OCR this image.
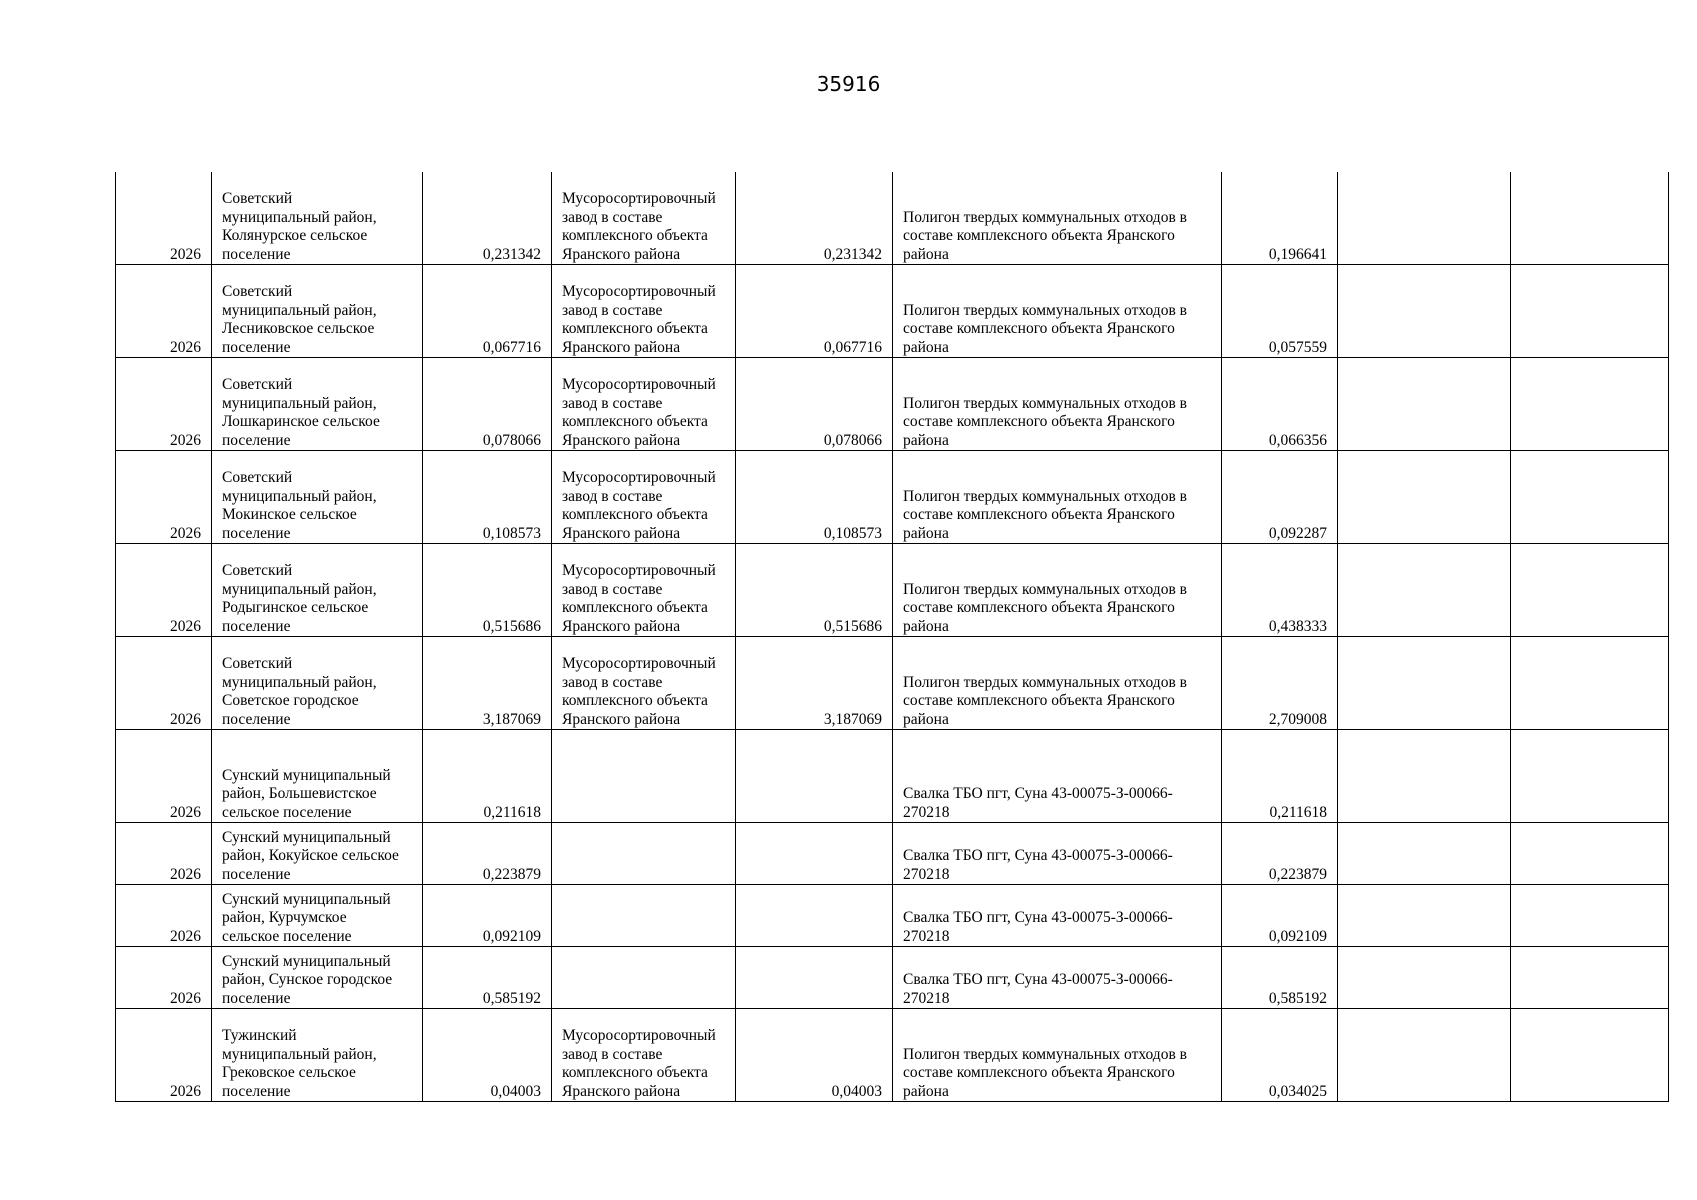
35916
2026	Советский
муниципальный район,
Колянурское сельское
поселение	0,231342	Мусоросортировочный
завод в составе
комплексного объекта
Яранского района	0,231342	Полигон твердых коммунальных отходов в
составе комплексного объекта Яранского
района	0,196641		
2026	Советский
муниципальный район,
Лесниковское сельское
поселение	0,067716	Мусоросортировочный
завод в составе
комплексного объекта
Яранского района	0,067716	Полигон твердых коммунальных отходов в
составе комплексного объекта Яранского
района	0,057559		
2026	Советский
муниципальный район,
Лошкаринское сельское
поселение	0,078066	Мусоросортировочный
завод в составе
комплексного объекта
Яранского района	0,078066	Полигон твердых коммунальных отходов в
составе комплексного объекта Яранского
района	0,066356		
2026	Советский
муниципальный район,
Мокинское сельское
поселение	0,108573	Мусоросортировочный
завод в составе
комплексного объекта
Яранского района	0,108573	Полигон твердых коммунальных отходов в
составе комплексного объекта Яранского
района	0,092287		
2026	Советский
муниципальный район,
Родыгинское сельское
поселение	0,515686	Мусоросортировочный
завод в составе
комплексного объекта
Яранского района	0,515686	Полигон твердых коммунальных отходов в
составе комплексного объекта Яранского
района	0,438333		
2026	Советский
муниципальный район,
Советское городское
поселение	3,187069	Мусоросортировочный
завод в составе
комплексного объекта
Яранского района	3,187069	Полигон твердых коммунальных отходов в
составе комплексного объекта Яранского
района	2,709008		
2026	Сунский муниципальный
район, Большевистское
сельское поселение	0,211618			Свалка ТБО пгт, Суна 43-00075-З-00066-
270218	0,211618		
2026	Сунский муниципальный
район, Кокуйское сельское
поселение	0,223879			Свалка ТБО пгт, Суна 43-00075-З-00066-
270218	0,223879		
2026	Сунский муниципальный
район, Курчумское
сельское поселение	0,092109			Свалка ТБО пгт, Суна 43-00075-З-00066-
270218	0,092109		
2026	Сунский муниципальный
район, Сунское городское
поселение	0,585192			Свалка ТБО пгт, Суна 43-00075-З-00066-
270218	0,585192		
2026	Тужинский
муниципальный район,
Грековское сельское
поселение	0,04003	Мусоросортировочный
завод в составе
комплексного объекта
Яранского района	0,04003	Полигон твердых коммунальных отходов в
составе комплексного объекта Яранского
района	0,034025		
